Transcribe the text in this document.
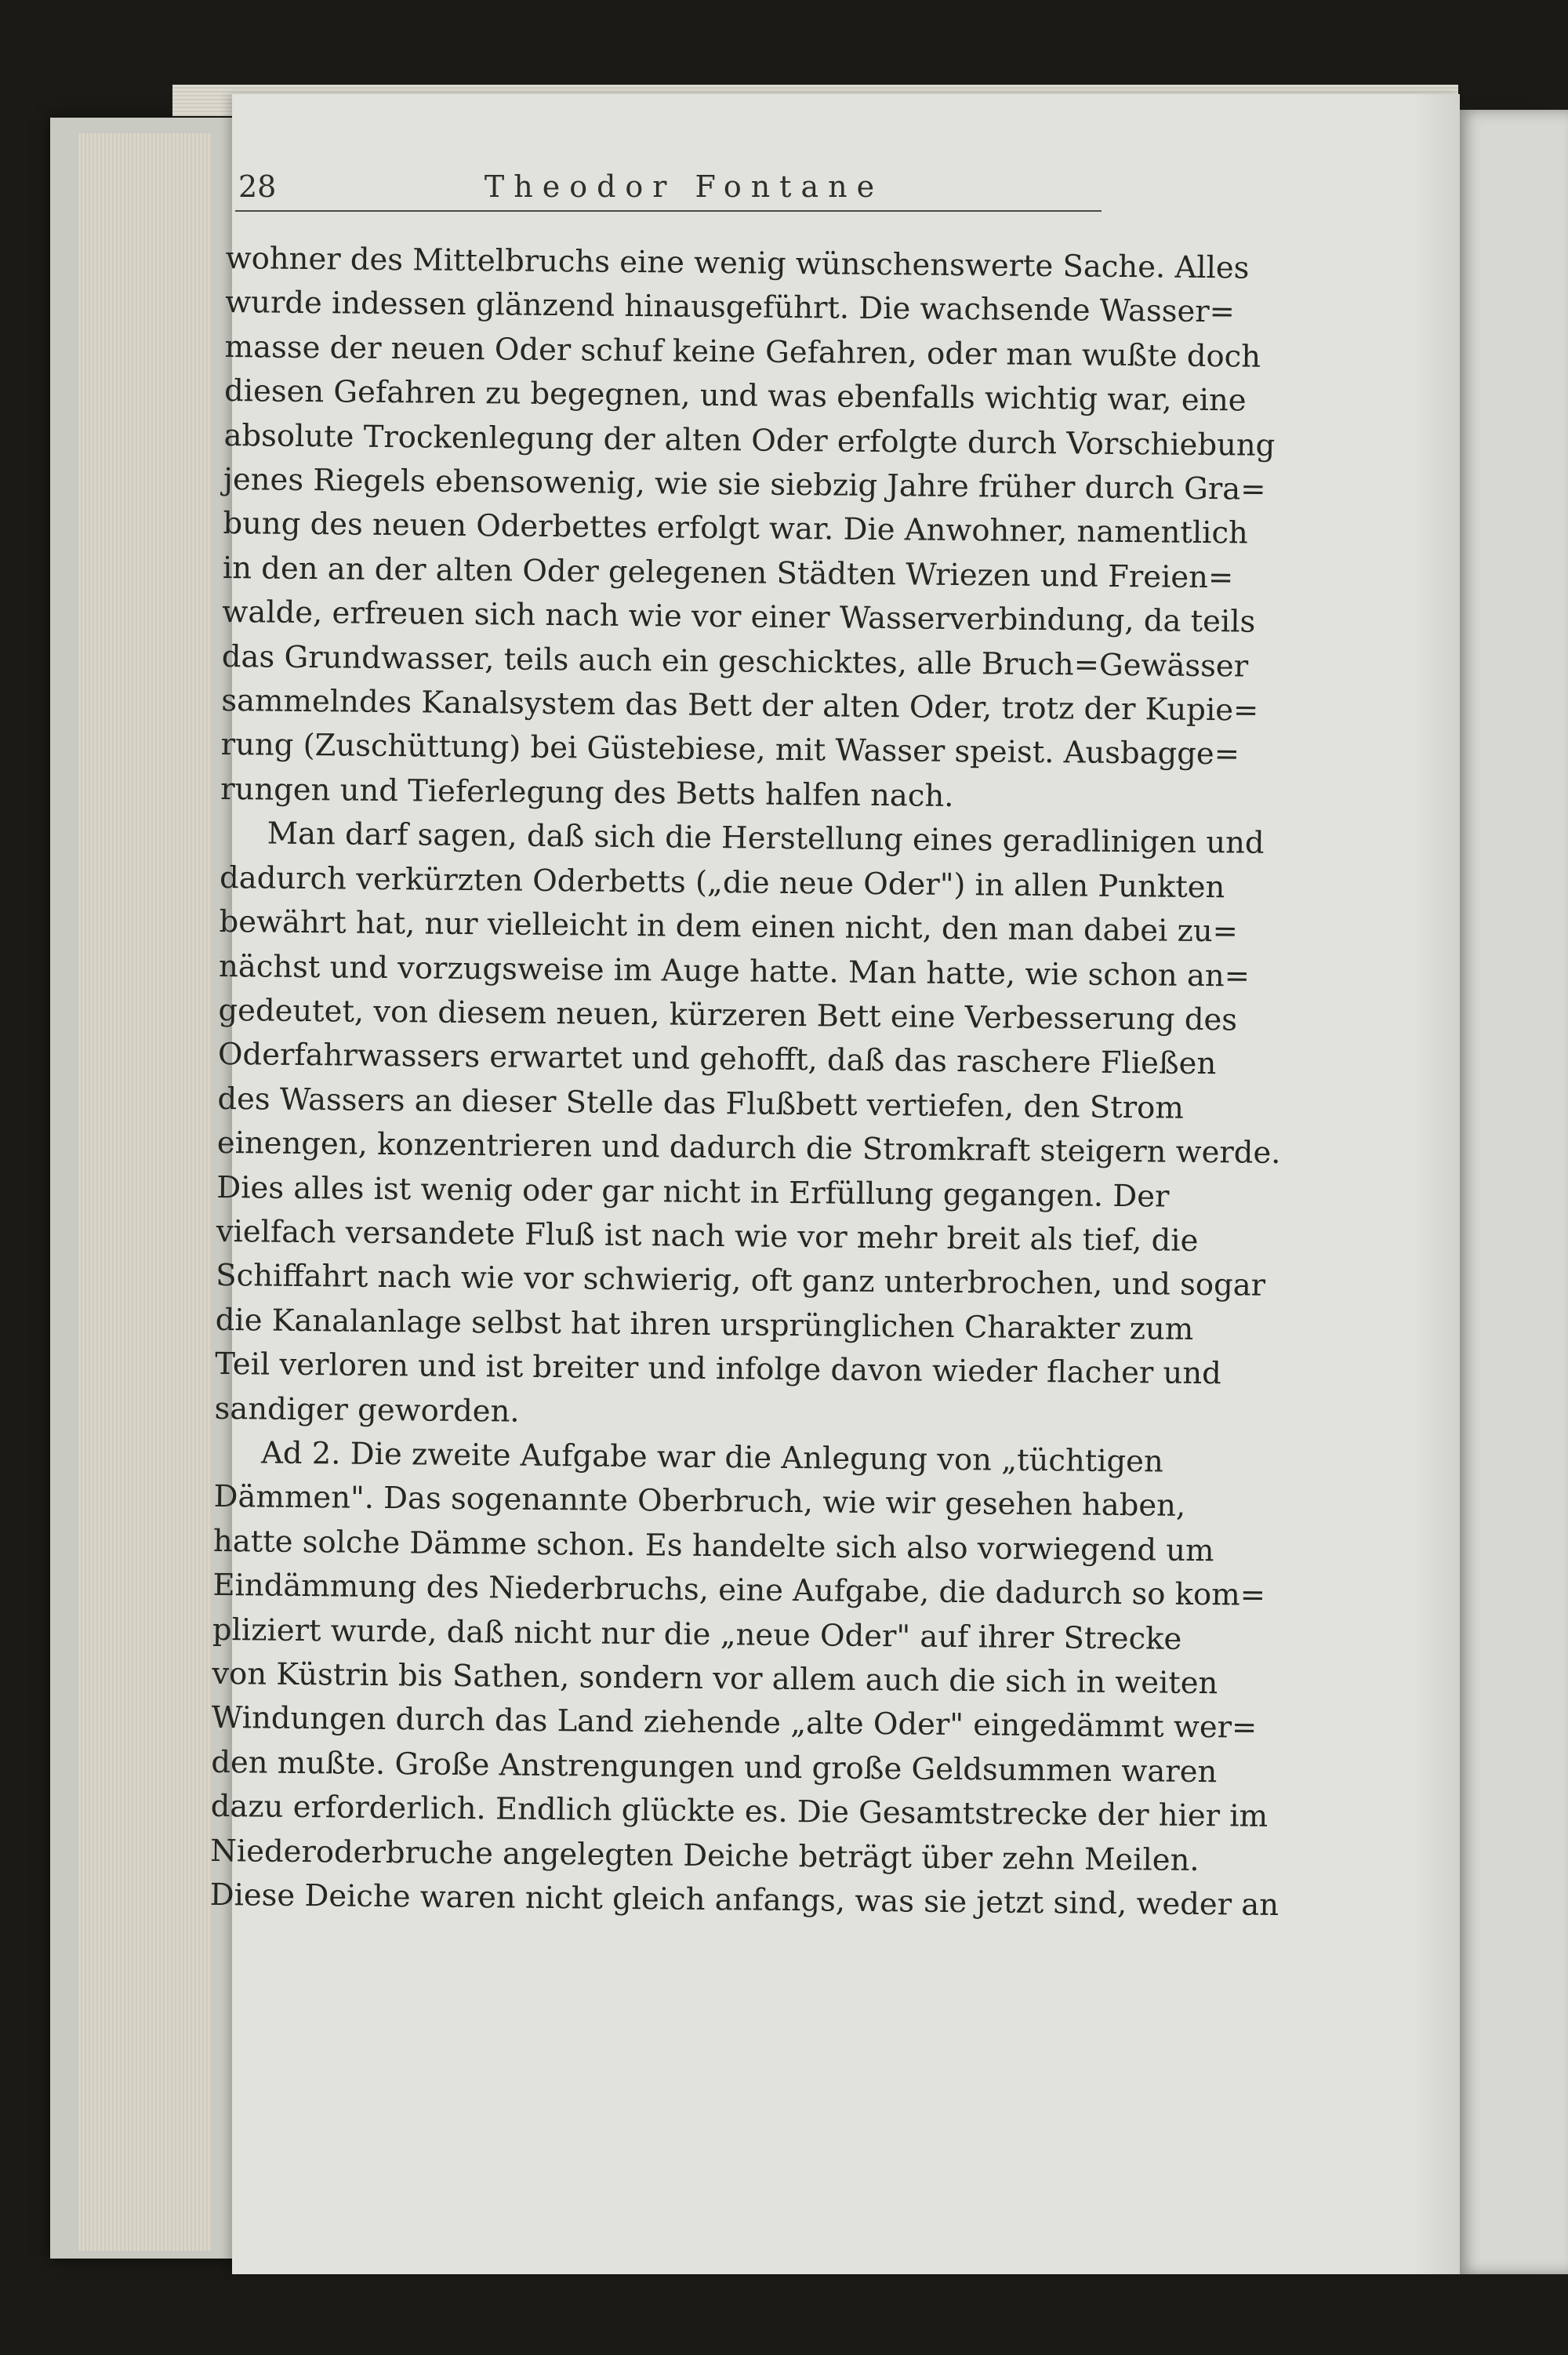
28	Theodor Fontane
wohner des Mittelbruchs eine wenig wünschenswerte Sache. Alles
wurde indessen glänzend hinausgeführt. Die wachsende Wasser=
masse der neuen Oder schuf keine Gefahren, oder man wußte doch
diesen Gefahren zu begegnen, und was ebenfalls wichtig war, eine
absolute Trockenlegung der alten Oder erfolgte durch Vorschiebung
jenes Riegels ebensowenig, wie sie siebzig Jahre früher durch Gra=
bung des neuen Oderbettes erfolgt war. Die Anwohner, namentlich
in den an der alten Oder gelegenen Städten Wriezen und Freien=
walde, erfreuen sich nach wie vor einer Wasserverbindung, da teils
das Grundwasser, teils auch ein geschicktes, alle Bruch=Gewässer
sammelndes Kanalsystem das Bett der alten Oder, trotz der Kupie=
rung (Zuschüttung) bei Güstebiese, mit Wasser speist. Ausbagge=
rungen und Tieferlegung des Betts halfen nach.
Man darf sagen, daß sich die Herstellung eines geradlinigen und
dadurch verkürzten Oderbetts („die neue Oder") in allen Punkten
bewährt hat, nur vielleicht in dem einen nicht, den man dabei zu=
nächst und vorzugsweise im Auge hatte. Man hatte, wie schon an=
gedeutet, von diesem neuen, kürzeren Bett eine Verbesserung des
Oderfahrwassers erwartet und gehofft, daß das raschere Fließen
des Wassers an dieser Stelle das Flußbett vertiefen, den Strom
einengen, konzentrieren und dadurch die Stromkraft steigern werde.
Dies alles ist wenig oder gar nicht in Erfüllung gegangen. Der
vielfach versandete Fluß ist nach wie vor mehr breit als tief, die
Schiffahrt nach wie vor schwierig, oft ganz unterbrochen, und sogar
die Kanalanlage selbst hat ihren ursprünglichen Charakter zum
Teil verloren und ist breiter und infolge davon wieder flacher und
sandiger geworden.
Ad 2. Die zweite Aufgabe war die Anlegung von „tüchtigen
Dämmen". Das sogenannte Oberbruch, wie wir gesehen haben,
hatte solche Dämme schon. Es handelte sich also vorwiegend um
Eindämmung des Niederbruchs, eine Aufgabe, die dadurch so kom=
pliziert wurde, daß nicht nur die „neue Oder" auf ihrer Strecke
von Küstrin bis Sathen, sondern vor allem auch die sich in weiten
Windungen durch das Land ziehende „alte Oder" eingedämmt wer=
den mußte. Große Anstrengungen und große Geldsummen waren
dazu erforderlich. Endlich glückte es. Die Gesamtstrecke der hier im
Niederoderbruche angelegten Deiche beträgt über zehn Meilen.
Diese Deiche waren nicht gleich anfangs, was sie jetzt sind, weder an
